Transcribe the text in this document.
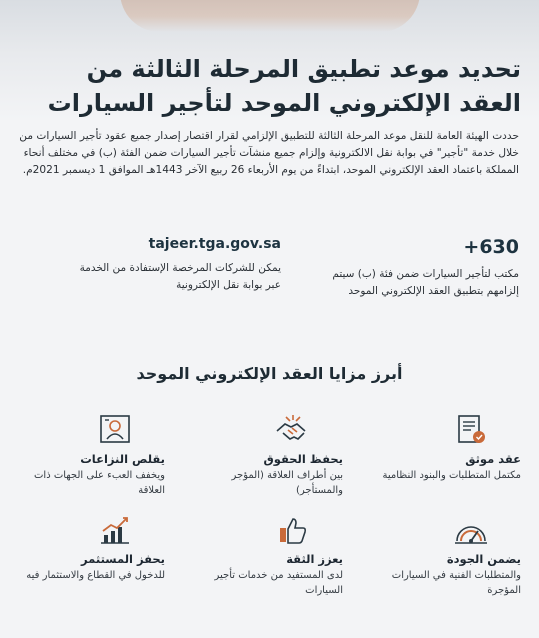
تحديد موعد تطبيق المرحلة الثالثة من
العقد الإلكتروني الموحد لتأجير السيارات

حددت الهيئة العامة للنقل موعد المرحلة الثالثة للتطبيق الإلزامي لقرار اقتصار إصدار جميع عقود تأجير السيارات من خلال خدمة "تأجير" في بوابة نقل الالكترونية وإلزام جميع منشآت تأجير السيارات ضمن الفئة (ب) في مختلف أنحاء المملكة باعتماد العقد الإلكتروني الموحد، ابتداءً من يوم الأربعاء 26 ربيع الآخر 1443هـ الموافق 1 ديسمبر 2021م.

+630

مكتب لتأجير السيارات ضمن فئة (ب) سيتم إلزامهم بتطبيق العقد الإلكتروني الموحد

tajeer.tga.gov.sa

يمكن للشركات المرخصة الإستفادة من الخدمة عبر بوابة نقل الإلكترونية

أبرز مزايا العقد الإلكتروني الموحد
عقد موثق

مكتمل المتطلبات والبنود النظامية

يحفظ الحقوق

بين أطراف العلاقة (المؤجر والمستأجر)

يقلص النزاعات

ويخفف العبء على الجهات ذات العلاقة

يضمن الجودة

والمتطلبات الفنية في السيارات المؤجرة

يعزز الثقة

لدى المستفيد من خدمات تأجير السيارات

يحفز المستثمر

للدخول في القطاع والاستثمار فيه
